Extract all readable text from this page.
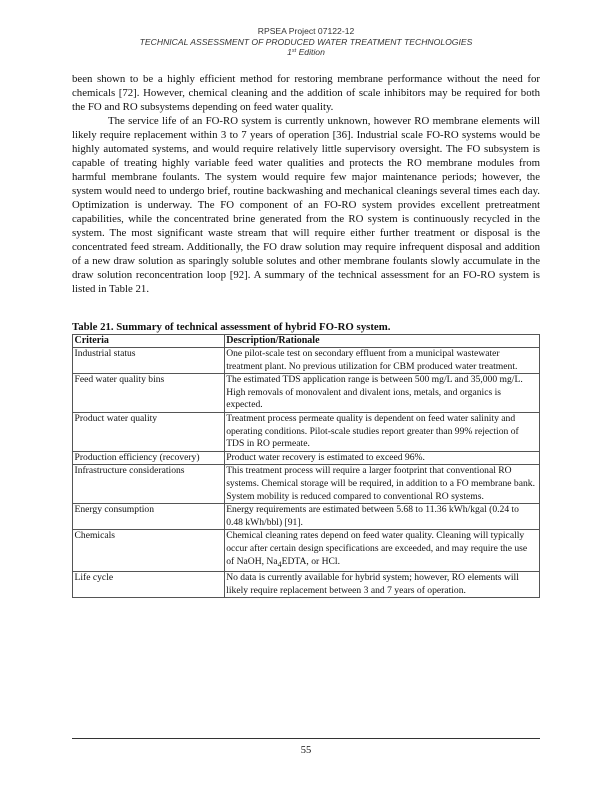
RPSEA Project 07122-12
TECHNICAL ASSESSMENT OF PRODUCED WATER TREATMENT TECHNOLOGIES
1st Edition

been shown to be a highly efficient method for restoring membrane performance without the need for chemicals [72]. However, chemical cleaning and the addition of scale inhibitors may be required for both the FO and RO subsystems depending on feed water quality.

The service life of an FO-RO system is currently unknown, however RO membrane elements will likely require replacement within 3 to 7 years of operation [36]. Industrial scale FO-RO systems would be highly automated systems, and would require relatively little supervisory oversight. The FO subsystem is capable of treating highly variable feed water qualities and protects the RO membrane modules from harmful membrane foulants. The system would require few major maintenance periods; however, the system would need to undergo brief, routine backwashing and mechanical cleanings several times each day. Optimization is underway. The FO component of an FO-RO system provides excellent pretreatment capabilities, while the concentrated brine generated from the RO system is continuously recycled in the system. The most significant waste stream that will require either further treatment or disposal is the concentrated feed stream. Additionally, the FO draw solution may require infrequent disposal and addition of a new draw solution as sparingly soluble solutes and other membrane foulants slowly accumulate in the draw solution reconcentration loop [92]. A summary of the technical assessment for an FO-RO system is listed in Table 21.

Table 21. Summary of technical assessment of hybrid FO-RO system.
Criteria	Description/Rationale
Industrial status	One pilot-scale test on secondary effluent from a municipal wastewater treatment plant. No previous utilization for CBM produced water treatment.
Feed water quality bins	The estimated TDS application range is between 500 mg/L and 35,000 mg/L. High removals of monovalent and divalent ions, metals, and organics is expected.
Product water quality	Treatment process permeate quality is dependent on feed water salinity and operating conditions. Pilot-scale studies report greater than 99% rejection of TDS in RO permeate.
Production efficiency (recovery)	Product water recovery is estimated to exceed 96%.
Infrastructure considerations	This treatment process will require a larger footprint that conventional RO systems. Chemical storage will be required, in addition to a FO membrane bank.
System mobility is reduced compared to conventional RO systems.

Energy consumption	Energy requirements are estimated between 5.68 to 11.36 kWh/kgal (0.24 to 0.48 kWh/bbl) [91].
Chemicals	Chemical cleaning rates depend on feed water quality. Cleaning will typically occur after certain design specifications are exceeded, and may require the use of NaOH, $Na_4EDTA$, or HCl.
Life cycle	No data is currently available for hybrid system; however, RO elements will likely require replacement between 3 and 7 years of operation.
55
